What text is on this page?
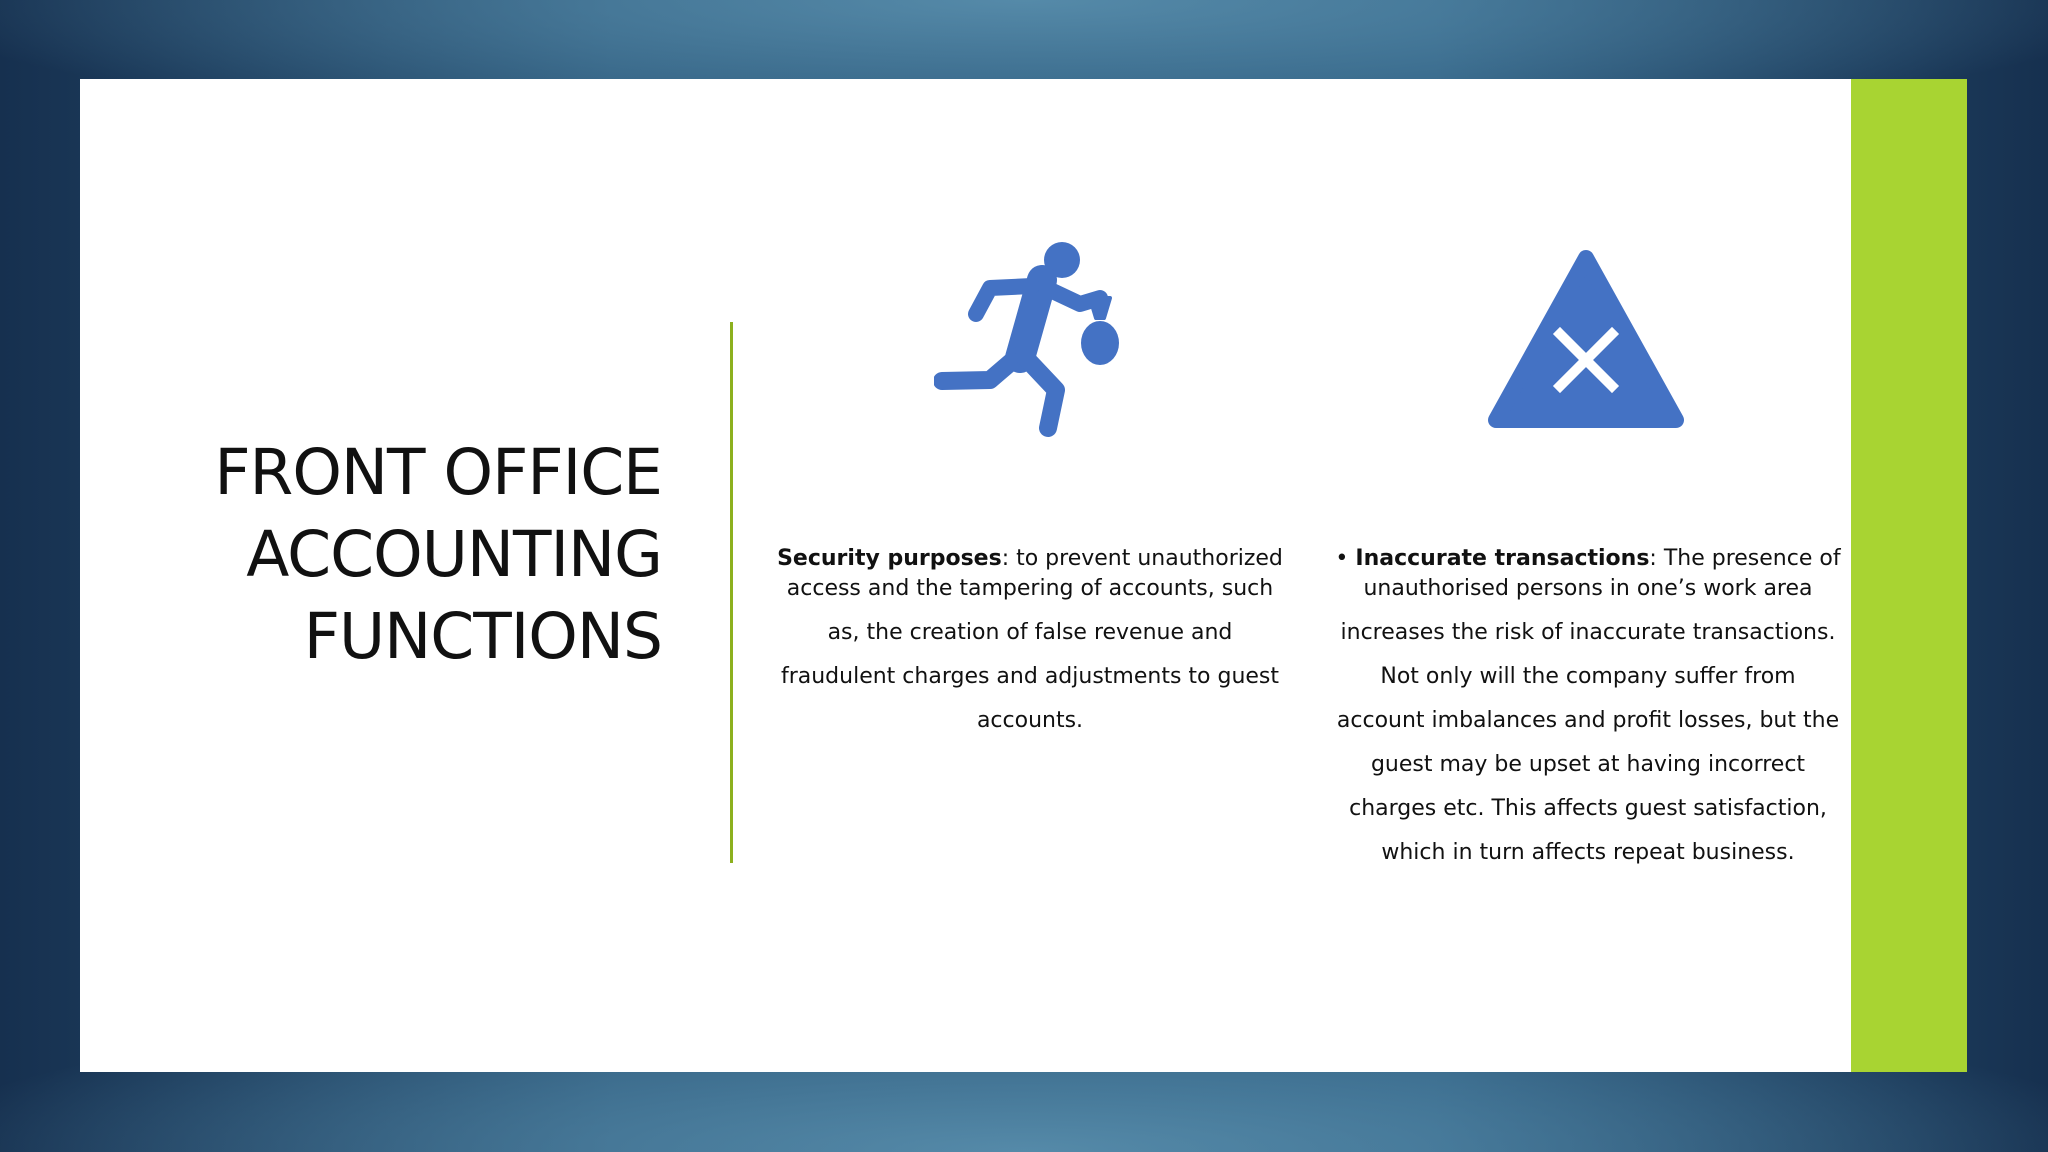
FRONT OFFICE
ACCOUNTING
FUNCTIONS
Security purposes: to prevent unauthorized
access and the tampering of accounts, such
as, the creation of false revenue and
fraudulent charges and adjustments to guest
accounts.
• Inaccurate transactions: The presence of
unauthorised persons in one’s work area
increases the risk of inaccurate transactions.
Not only will the company suffer from
account imbalances and profit losses, but the
guest may be upset at having incorrect
charges etc. This affects guest satisfaction,
which in turn affects repeat business.
